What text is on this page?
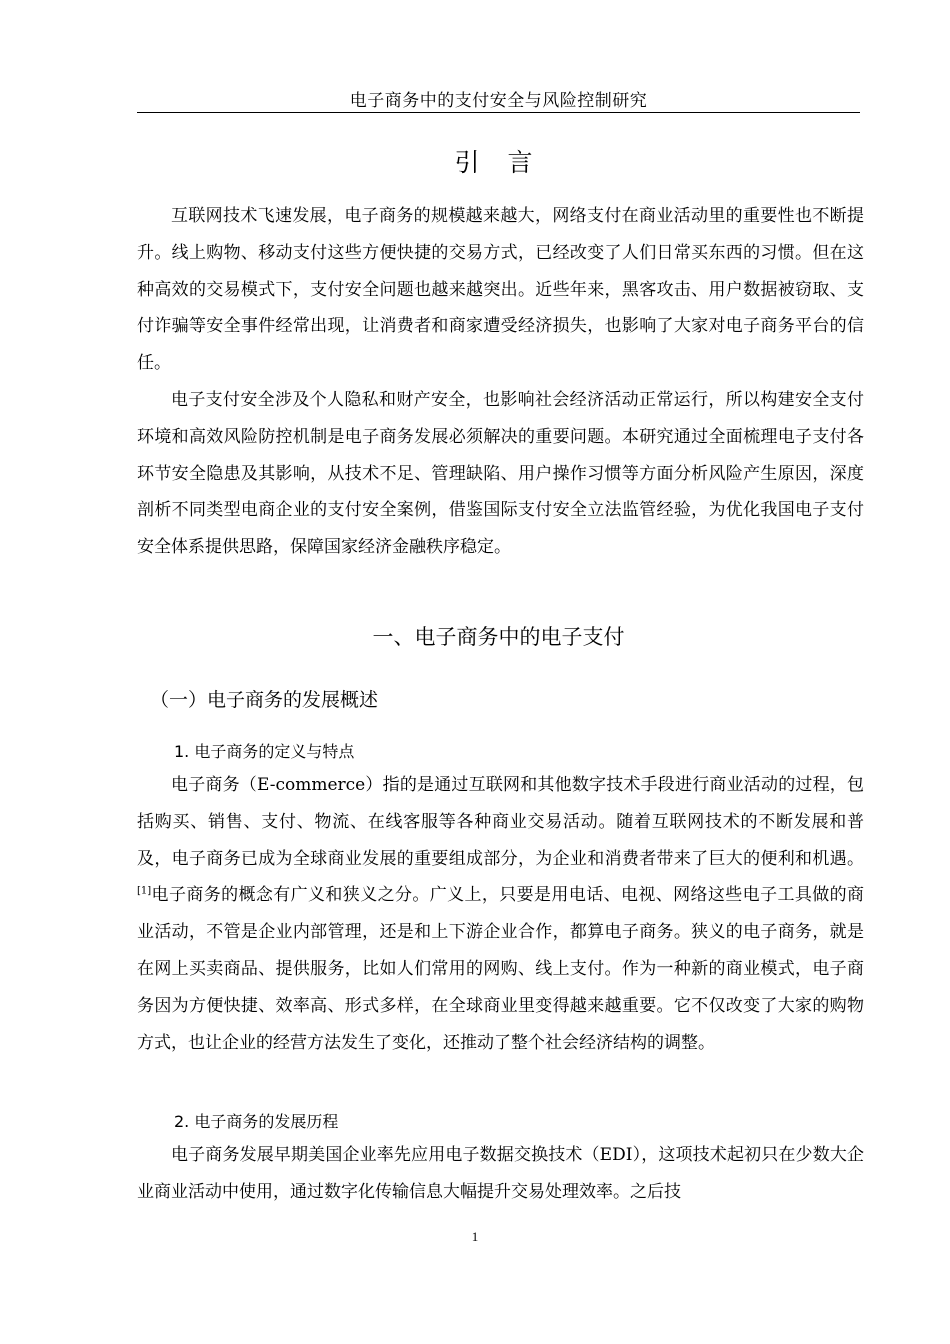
电子商务中的支付安全与风险控制研究
引 言

互联网技术飞速发展，电子商务的规模越来越大，网络支付在商业活动里的重要性也不断提升。线上购物、移动支付这些方便快捷的交易方式，已经改变了人们日常买东西的习惯。但在这种高效的交易模式下，支付安全问题也越来越突出。近些年来，黑客攻击、用户数据被窃取、支付诈骗等安全事件经常出现，让消费者和商家遭受经济损失，也影响了大家对电子商务平台的信任。

电子支付安全涉及个人隐私和财产安全，也影响社会经济活动正常运行，所以构建安全支付环境和高效风险防控机制是电子商务发展必须解决的重要问题。本研究通过全面梳理电子支付各环节安全隐患及其影响，从技术不足、管理缺陷、用户操作习惯等方面分析风险产生原因，深度剖析不同类型电商企业的支付安全案例，借鉴国际支付安全立法监管经验，为优化我国电子支付安全体系提供思路，保障国家经济金融秩序稳定。

一、电子商务中的电子支付
（一）电子商务的发展概述
1. 电子商务的定义与特点

电子商务（E-commerce）指的是通过互联网和其他数字技术手段进行商业活动的过程，包括购买、销售、支付、物流、在线客服等各种商业交易活动。随着互联网技术的不断发展和普及，电子商务已成为全球商业发展的重要组成部分，为企业和消费者带来了巨大的便利和机遇。[1]电子商务的概念有广义和狭义之分。广义上，只要是用电话、电视、网络这些电子工具做的商业活动，不管是企业内部管理，还是和上下游企业合作，都算电子商务。狭义的电子商务，就是在网上买卖商品、提供服务，比如人们常用的网购、线上支付。作为一种新的商业模式，电子商务因为方便快捷、效率高、形式多样，在全球商业里变得越来越重要。它不仅改变了大家的购物方式，也让企业的经营方法发生了变化，还推动了整个社会经济结构的调整。

2. 电子商务的发展历程

电子商务发展早期美国企业率先应用电子数据交换技术（EDI），这项技术起初只在少数大企业商业活动中使用，通过数字化传输信息大幅提升交易处理效率。之后技

1
